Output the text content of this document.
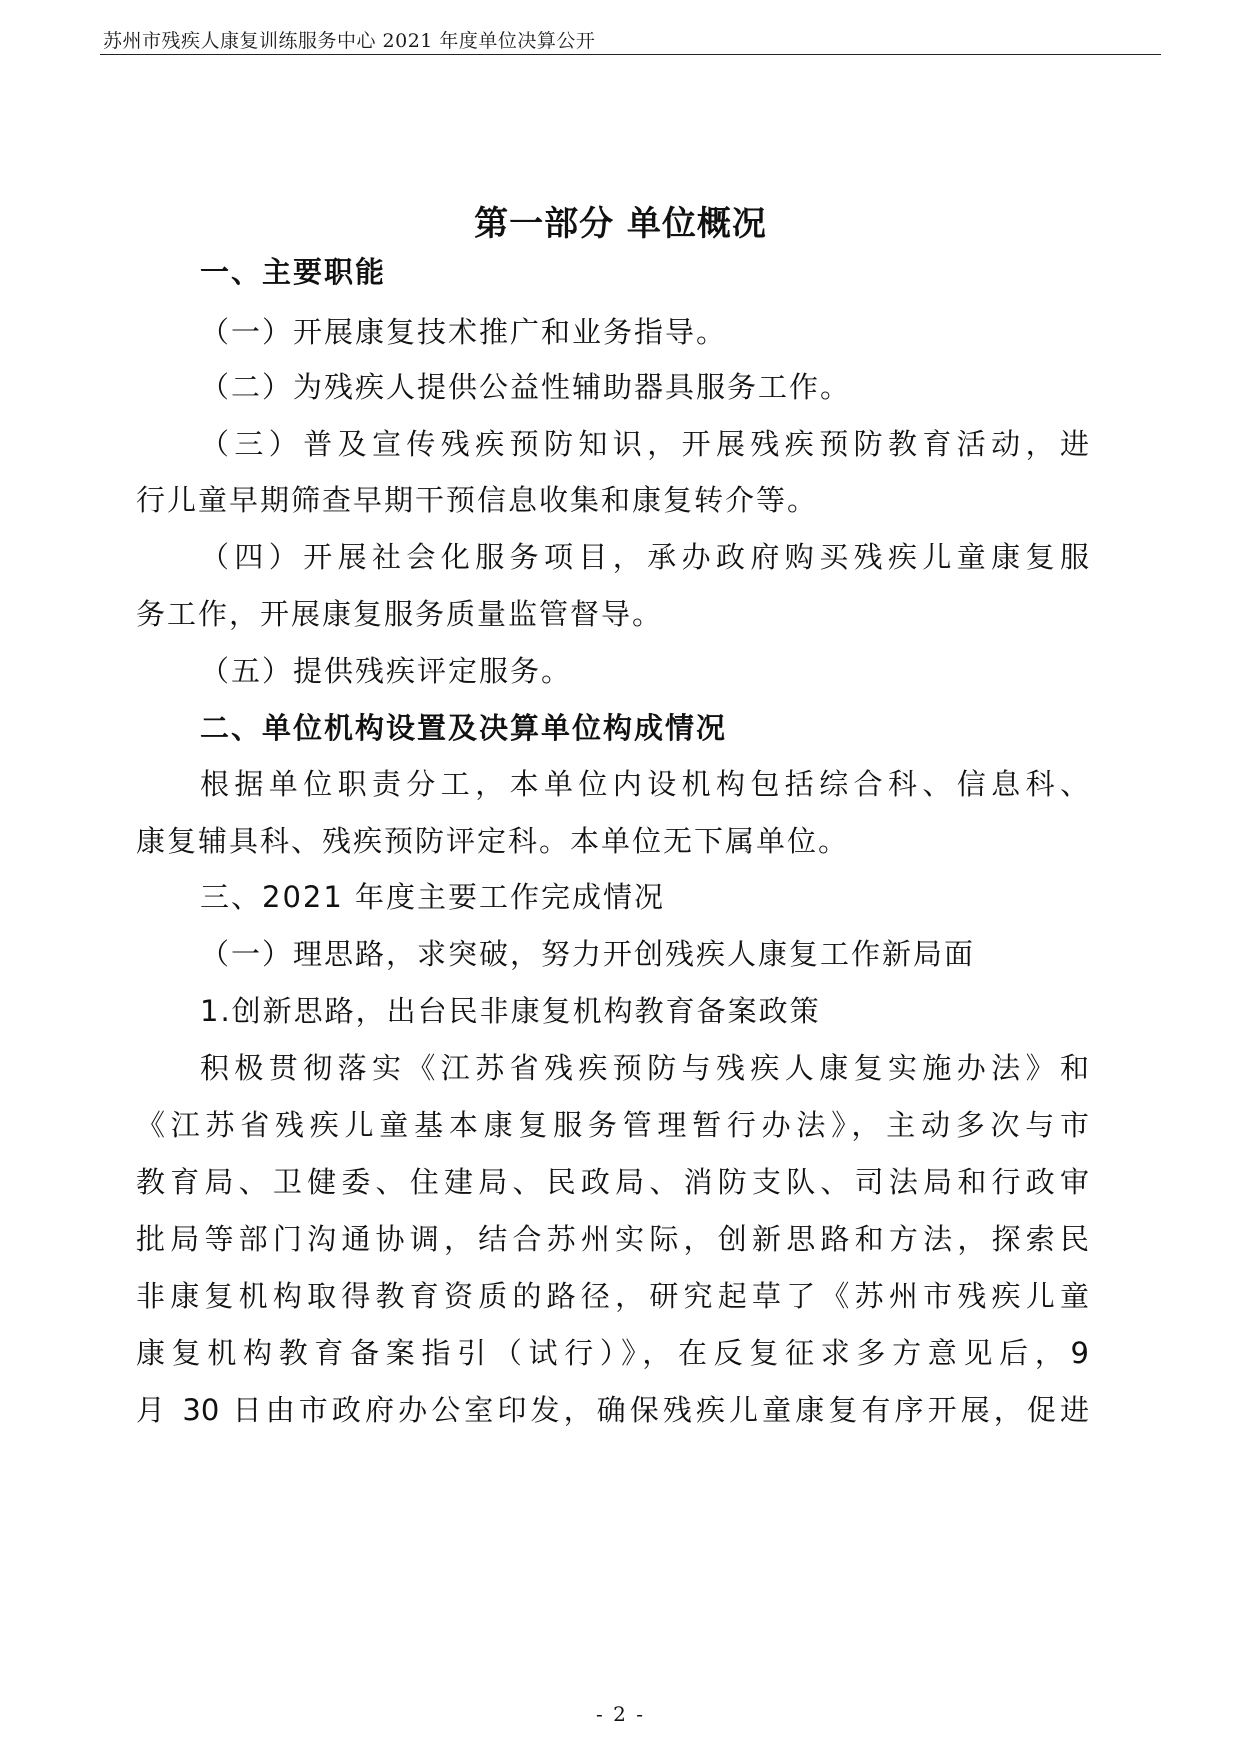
苏州市残疾人康复训练服务中心 2021 年度单位决算公开
第一部分 单位概况
一、主要职能
（一）开展康复技术推广和业务指导。
（二）为残疾人提供公益性辅助器具服务工作。
（三）普及宣传残疾预防知识，开展残疾预防教育活动，进
行儿童早期筛查早期干预信息收集和康复转介等。
（四）开展社会化服务项目，承办政府购买残疾儿童康复服
务工作，开展康复服务质量监管督导。
（五）提供残疾评定服务。
二、单位机构设置及决算单位构成情况
根据单位职责分工，本单位内设机构包括综合科、信息科、
康复辅具科、残疾预防评定科。本单位无下属单位。
三、2021 年度主要工作完成情况
（一）理思路，求突破，努力开创残疾人康复工作新局面
1.创新思路，出台民非康复机构教育备案政策
积极贯彻落实《江苏省残疾预防与残疾人康复实施办法》和
《江苏省残疾儿童基本康复服务管理暂行办法》，主动多次与市
教育局、卫健委、住建局、民政局、消防支队、司法局和行政审
批局等部门沟通协调，结合苏州实际，创新思路和方法，探索民
非康复机构取得教育资质的路径，研究起草了《苏州市残疾儿童
康复机构教育备案指引（试行）》，在反复征求多方意见后，9
月 30 日由市政府办公室印发，确保残疾儿童康复有序开展，促进
- 2 -
